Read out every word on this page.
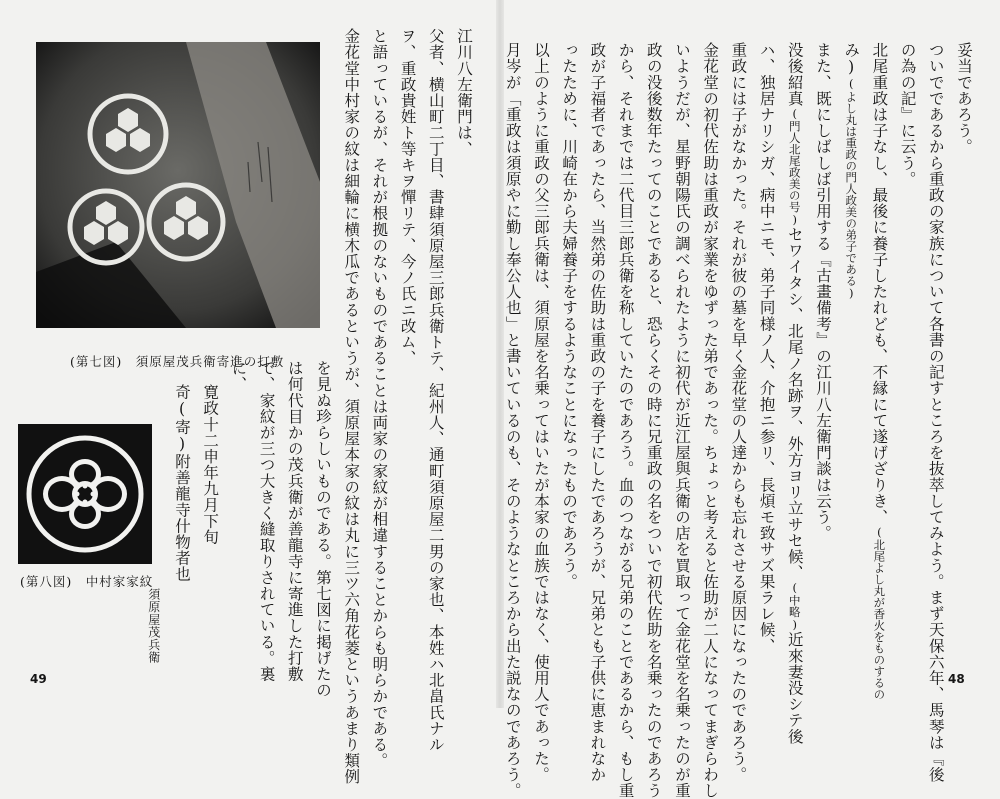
妥当であろう。
ついでであるから重政の家族について各書の記すところを抜萃してみよう。まず天保六年、馬琴は『後
の為の記』に云う。
北尾重政は子なし、最後に養子したれども、不縁にて遂げざりき、(北尾よし丸が香火をものするの
み)(よし丸は重政の門人政美の弟子である)
また、既にしばしば引用する『古畫備考』の江川八左衛門談は云う。
没後紹真(門人北尾政美の号)セワイタシ、北尾ノ名跡ヲ、外方ヨリ立サセ候、(中略)近來妻没シテ後
ハ、独居ナリシガ、病中ニモ、弟子同様ノ人、介抱ニ参リ、長煩モ致サズ果ラレ候、
重政には子がなかった。それが彼の墓を早く金花堂の人達からも忘れさせる原因になったのであろう。
金花堂の初代佐助は重政が家業をゆずった弟であった。ちょっと考えると佐助が二人になってまぎらわし
いようだが、星野朝陽氏の調べられたように初代が近江屋與兵衛の店を買取って金花堂を名乗ったのが重
政の没後数年たってのことであると、恐らくその時に兄重政の名をついで初代佐助を名乗ったのであろう
から、それまでは二代目三郎兵衛を称していたのであろう。血のつながる兄弟のことであるから、もし重
政が子福者であったら、当然弟の佐助は重政の子を養子にしたであろうが、兄弟とも子供に恵まれなか
ったために、川崎在から夫婦養子をするようなことになったものであろう。
以上のように重政の父三郎兵衛は、須原屋を名乗ってはいたが本家の血族ではなく、使用人であった。
月岑が「重政は須原やに勤し奉公人也」と書いているのも、そのようなところから出た説なのであろう。	48
(第七図)　須原屋茂兵衛寄進の打敷
(第八図)　中村家家紋
江川八左衛門は、
父者、横山町二丁目、書肆須原屋三郎兵衛トテ、紀州人、通町須原屋二男の家也、本姓ハ北畠氏ナル
ヲ、重政貴姓ト等キヲ憚リテ、今ノ氏ニ改ム、
と語っているが、それが根拠のないものであることは両家の家紋が相違することからも明らかである。
金花堂中村家の紋は細輪に横木瓜であるというが、須原屋本家の紋は丸に三ツ六角花菱というあまり類例
を見ぬ珍らしいものである。第七図に掲げたの
は何代目かの茂兵衛が善龍寺に寄進した打敷
で、家紋が三つ大きく縫取りされている。裏
に、
寛政十二申年九月下旬
奇(寄)附善龍寺什物者也
須原屋茂兵衛
49
